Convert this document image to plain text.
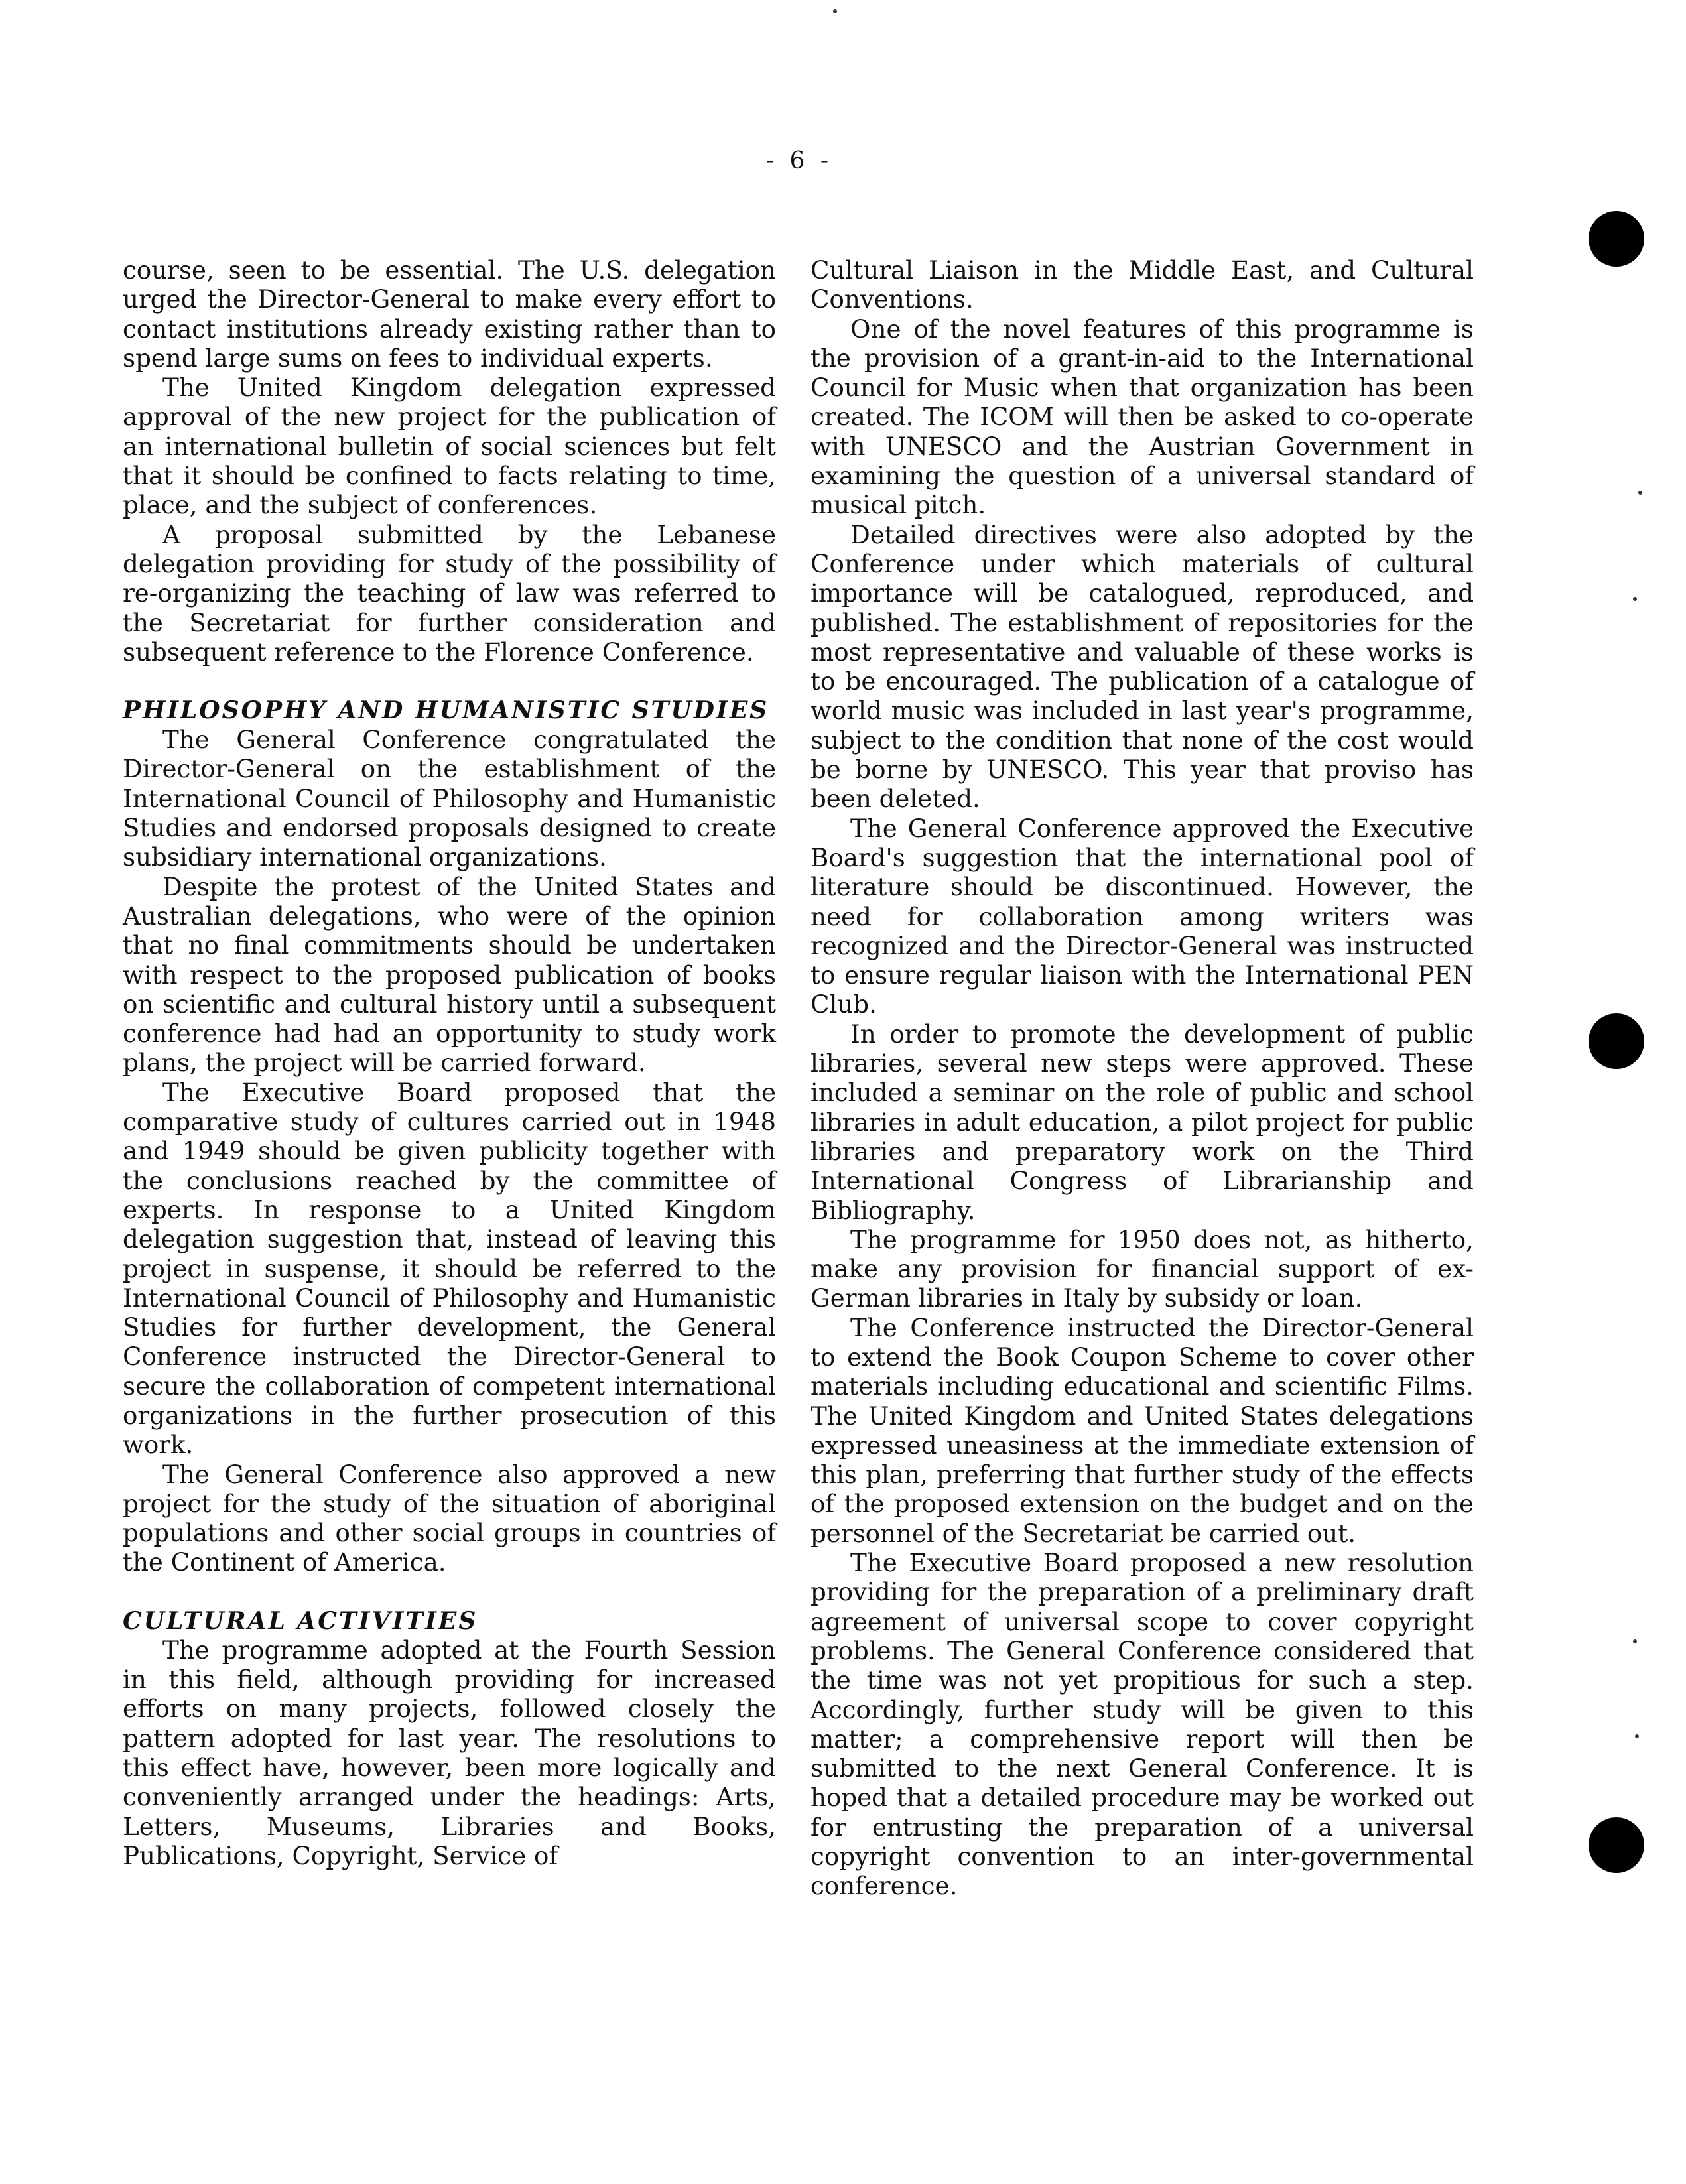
- 6 -

course, seen to be essential. The U.S. delegation urged the Director-General to make every effort to contact institutions already existing rather than to spend large sums on fees to individual experts.

The United Kingdom delegation expressed approval of the new project for the publication of an international bulletin of social sciences but felt that it should be confined to facts relating to time, place, and the subject of conferences.

A proposal submitted by the Lebanese delegation providing for study of the possibility of re-organizing the teaching of law was referred to the Secretariat for further consideration and subsequent reference to the Florence Conference.

PHILOSOPHY AND HUMANISTIC STUDIES

The General Conference congratulated the Director-General on the establishment of the International Council of Philosophy and Humanistic Studies and endorsed proposals designed to create subsidiary international organizations.

Despite the protest of the United States and Australian delegations, who were of the opinion that no final commitments should be undertaken with respect to the proposed publication of books on scientific and cultural history until a subsequent conference had had an opportunity to study work plans, the project will be carried forward.

The Executive Board proposed that the comparative study of cultures carried out in 1948 and 1949 should be given publicity together with the conclusions reached by the committee of experts. In response to a United Kingdom delegation suggestion that, instead of leaving this project in suspense, it should be referred to the International Council of Philosophy and Humanistic Studies for further development, the General Conference instructed the Director-General to secure the collaboration of competent international organizations in the further prosecution of this work.

The General Conference also approved a new project for the study of the situation of aboriginal populations and other social groups in countries of the Continent of America.

CULTURAL ACTIVITIES

The programme adopted at the Fourth Session in this field, although providing for increased efforts on many projects, followed closely the pattern adopted for last year. The resolutions to this effect have, however, been more logically and conveniently arranged under the headings: Arts, Letters, Museums, Libraries and Books, Publications, Copyright, Service of

Cultural Liaison in the Middle East, and Cultural Conventions.

One of the novel features of this programme is the provision of a grant-in-aid to the International Council for Music when that organization has been created. The ICOM will then be asked to co-operate with UNESCO and the Austrian Government in examining the question of a universal standard of musical pitch.

Detailed directives were also adopted by the Conference under which materials of cultural importance will be catalogued, reproduced, and published. The establishment of repositories for the most representative and valuable of these works is to be encouraged. The publication of a catalogue of world music was included in last year's programme, subject to the condition that none of the cost would be borne by UNESCO. This year that proviso has been deleted.

The General Conference approved the Executive Board's suggestion that the international pool of literature should be discontinued. However, the need for collaboration among writers was recognized and the Director-General was instructed to ensure regular liaison with the International PEN Club.

In order to promote the development of public libraries, several new steps were approved. These included a seminar on the role of public and school libraries in adult education, a pilot project for public libraries and preparatory work on the Third International Congress of Librarianship and Bibliography.

The programme for 1950 does not, as hitherto, make any provision for financial support of ex-German libraries in Italy by subsidy or loan.

The Conference instructed the Director-General to extend the Book Coupon Scheme to cover other materials including educational and scientific Films. The United Kingdom and United States delegations expressed uneasiness at the immediate extension of this plan, preferring that further study of the effects of the proposed extension on the budget and on the personnel of the Secretariat be carried out.

The Executive Board proposed a new resolution providing for the preparation of a preliminary draft agreement of universal scope to cover copyright problems. The General Conference considered that the time was not yet propitious for such a step. Accordingly, further study will be given to this matter; a comprehensive report will then be submitted to the next General Conference. It is hoped that a detailed procedure may be worked out for entrusting the preparation of a universal copyright convention to an inter-governmental conference.
